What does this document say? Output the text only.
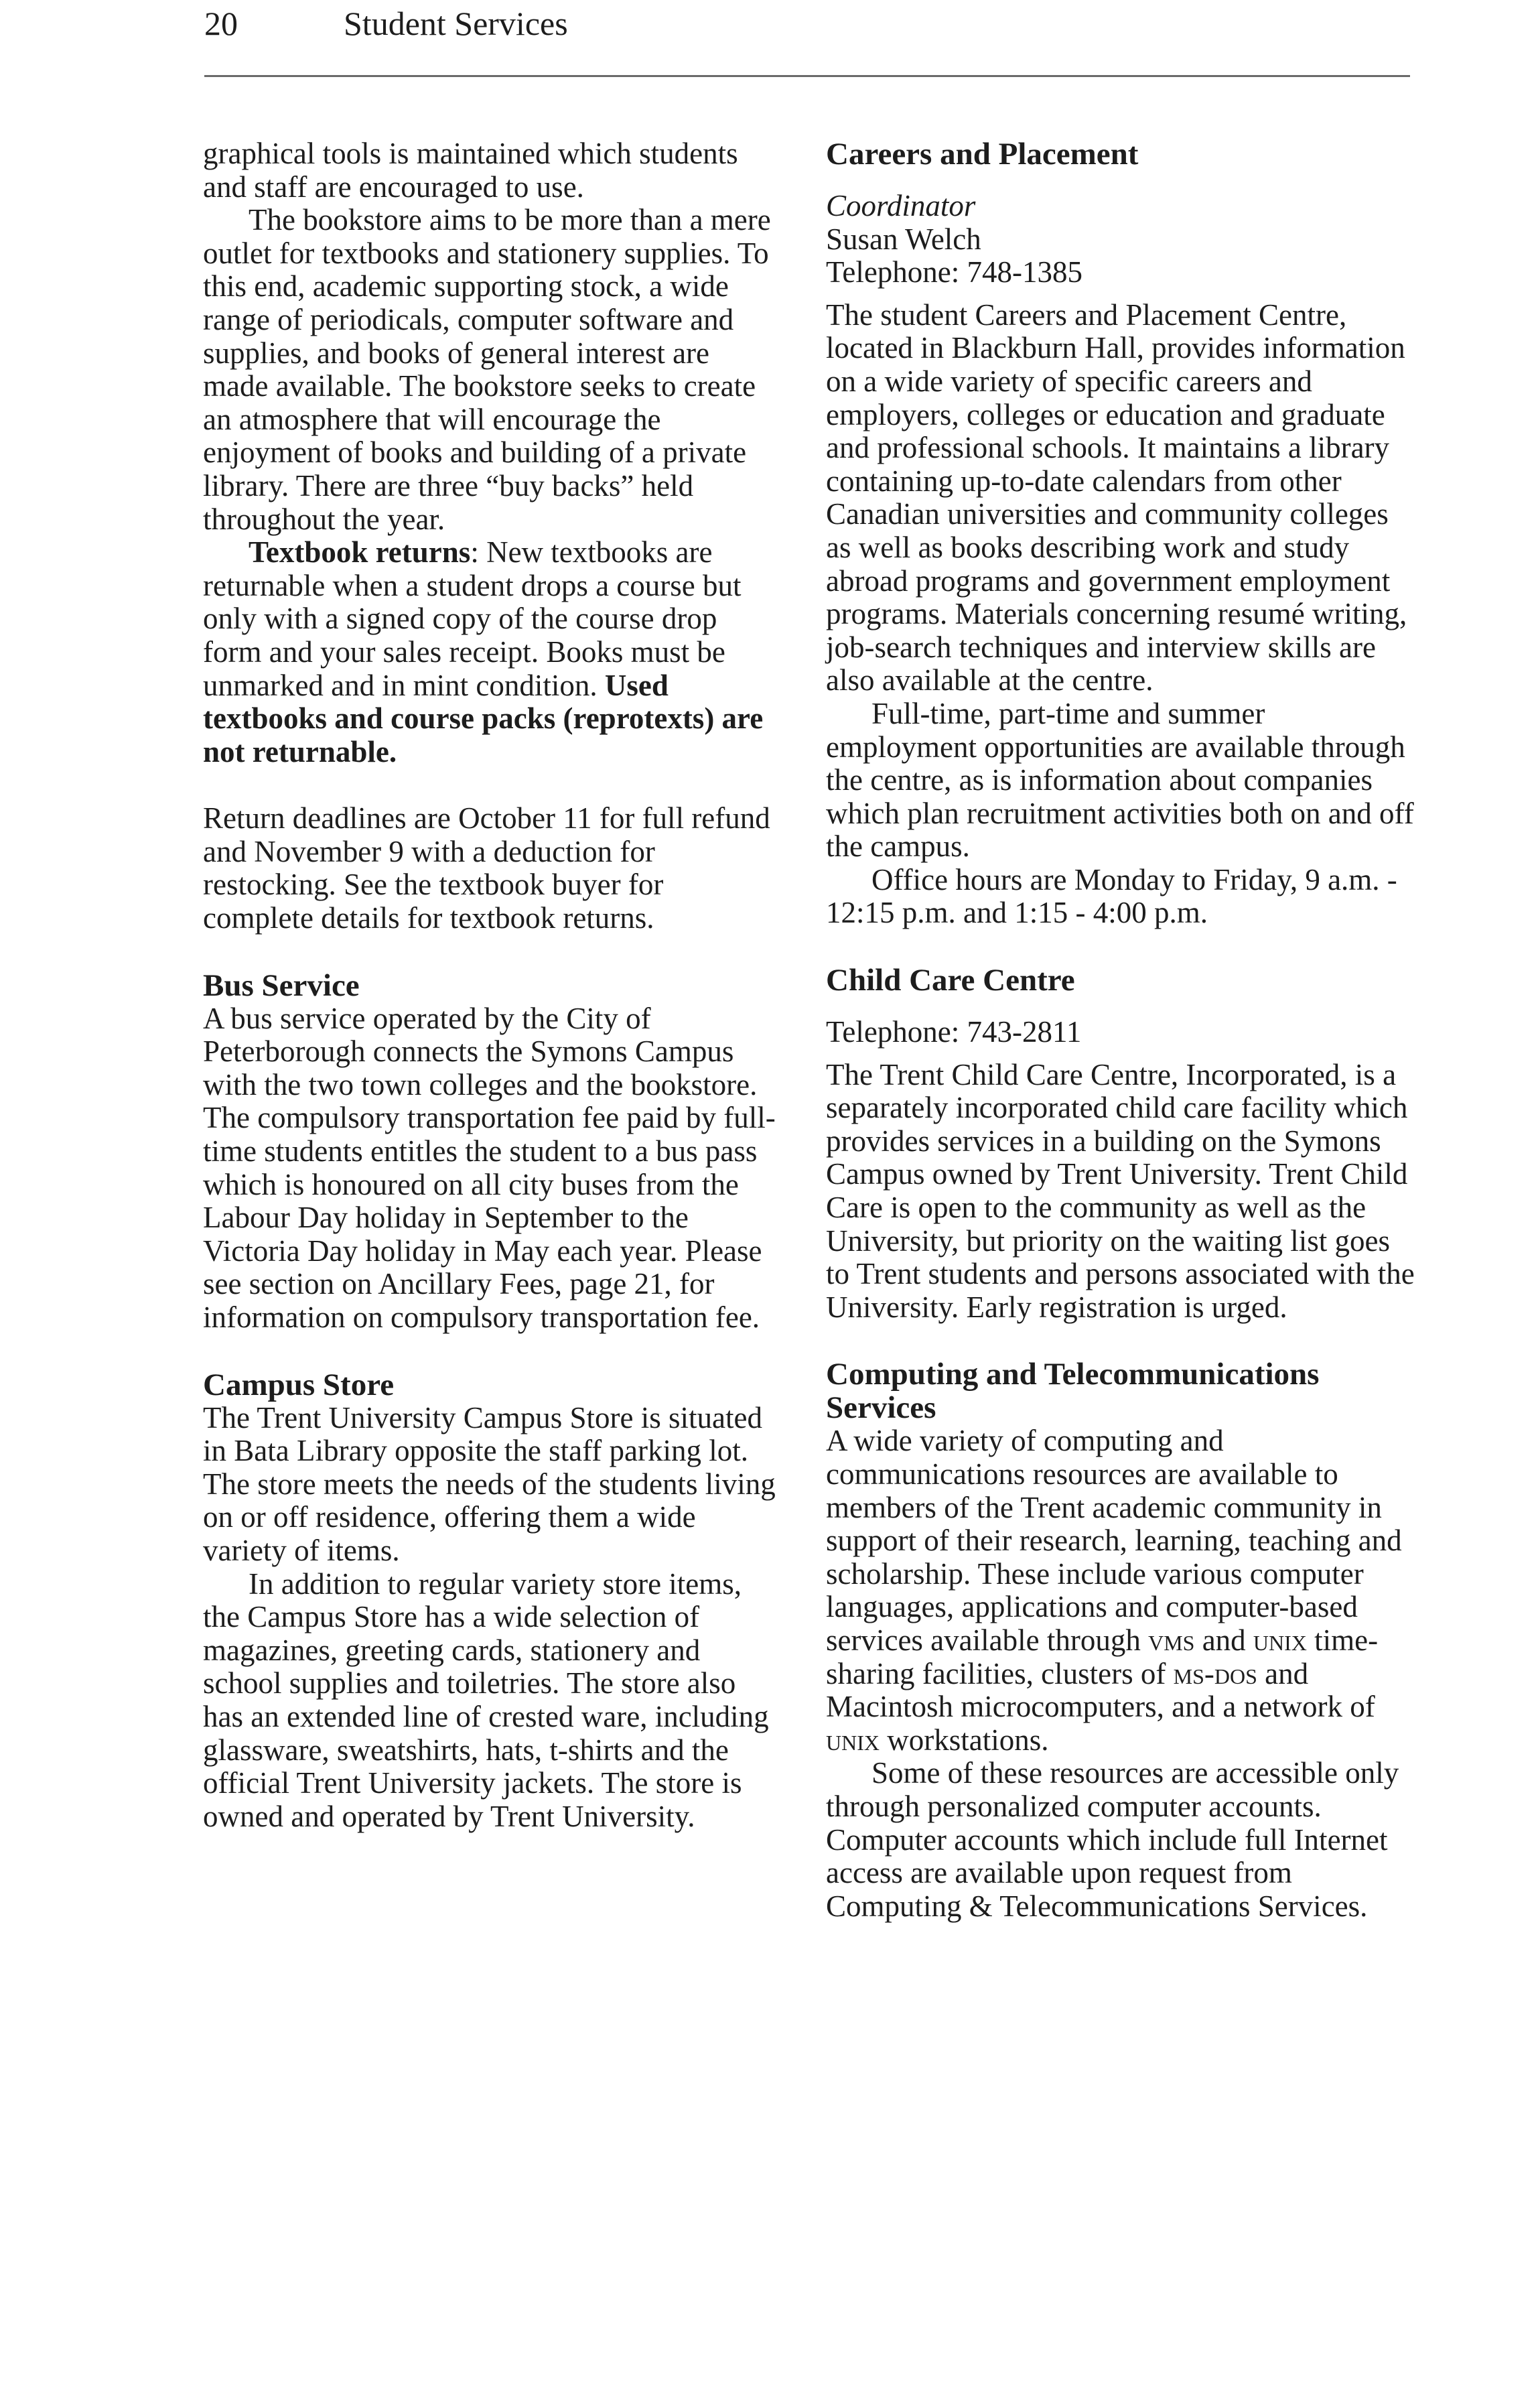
20	Student Services

graphical tools is maintained which students and staff are encouraged to use.

The bookstore aims to be more than a mere outlet for textbooks and stationery supplies. To this end, academic supporting stock, a wide range of periodicals, computer software and supplies, and books of general interest are made available. The bookstore seeks to create an atmosphere that will encourage the enjoyment of books and building of a private library. There are three “buy backs” held throughout the year.

Textbook returns: New textbooks are returnable when a student drops a course but only with a signed copy of the course drop form and your sales receipt. Books must be unmarked and in mint condition. Used textbooks and course packs (reprotexts) are not returnable.

Return deadlines are October 11 for full refund and November 9 with a deduction for restocking. See the textbook buyer for complete details for textbook returns.

Bus Service

A bus service operated by the City of Peterborough connects the Symons Campus with the two town colleges and the bookstore. The compulsory transportation fee paid by full-time students entitles the student to a bus pass which is honoured on all city buses from the Labour Day holiday in September to the Victoria Day holiday in May each year. Please see section on Ancillary Fees, page 21, for information on compulsory transportation fee.

Campus Store

The Trent University Campus Store is situated in Bata Library opposite the staff parking lot. The store meets the needs of the students living on or off residence, offering them a wide variety of items.

In addition to regular variety store items, the Campus Store has a wide selection of magazines, greeting cards, stationery and school supplies and toiletries. The store also has an extended line of crested ware, including glassware, sweatshirts, hats, t-shirts and the official Trent University jackets. The store is owned and operated by Trent University.

Careers and Placement

Coordinator

Susan Welch

Telephone: 748-1385

The student Careers and Placement Centre, located in Blackburn Hall, provides information on a wide variety of specific careers and employers, colleges or education and graduate and professional schools. It maintains a library containing up-to-date calendars from other Canadian universities and community colleges as well as books describing work and study abroad programs and government employment programs. Materials concerning resumé writing, job-search techniques and interview skills are also available at the centre.

Full-time, part-time and summer employment opportunities are available through the centre, as is information about companies which plan recruitment activities both on and off the campus.

Office hours are Monday to Friday, 9 a.m. - 12:15 p.m. and 1:15 - 4:00 p.m.

Child Care Centre

Telephone: 743-2811

The Trent Child Care Centre, Incorporated, is a separately incorporated child care facility which provides services in a building on the Symons Campus owned by Trent University. Trent Child Care is open to the community as well as the University, but priority on the waiting list goes to Trent students and persons associated with the University. Early registration is urged.

Computing and Telecommunications Services

A wide variety of computing and communications resources are available to members of the Trent academic community in support of their research, learning, teaching and scholarship. These include various computer languages, applications and computer-based services available through vms and unix time-sharing facilities, clusters of ms-dos and Macintosh microcomputers, and a network of unix workstations.

Some of these resources are accessible only through personalized computer accounts. Computer accounts which include full Internet access are available upon request from Computing & Telecommunications Services.
